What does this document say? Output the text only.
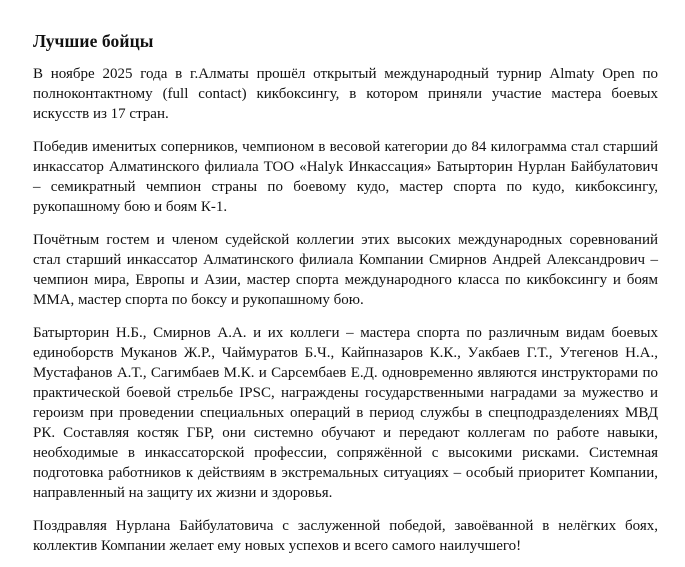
Лучшие бойцы

В ноябре 2025 года в г.Алматы прошёл открытый международный турнир Almaty Open по полноконтактному (full contact) кикбоксингу, в котором приняли участие мастера боевых искусств из 17 стран.

Победив именитых соперников, чемпионом в весовой категории до 84 килограмма стал старший инкассатор Алматинского филиала ТОО «Halyk Инкассация» Батырторин Нурлан Байбулатович – семикратный чемпион страны по боевому кудо, мастер спорта по кудо, кикбоксингу, рукопашному бою и боям К-1.

Почётным гостем и членом судейской коллегии этих высоких международных соревнований стал старший инкассатор Алматинского филиала Компании Смирнов Андрей Александрович – чемпион мира, Европы и Азии, мастер спорта международного класса по кикбоксингу и боям ММА, мастер спорта по боксу и рукопашному бою.

Батырторин Н.Б., Смирнов А.А. и их коллеги – мастера спорта по различным видам боевых единоборств Муканов Ж.Р., Чаймуратов Б.Ч., Кайпназаров К.К., Уакбаев Г.Т., Утегенов Н.А., Мустафанов А.Т., Сагимбаев М.К. и Сарсембаев Е.Д. одновременно являются инструкторами по практической боевой стрельбе IPSC, награждены государственными наградами за мужество и героизм при проведении специальных операций в период службы в спецподразделениях МВД РК. Составляя костяк ГБР, они системно обучают и передают коллегам по работе навыки, необходимые в инкассаторской профессии, сопряжённой с высокими рисками. Системная подготовка работников к действиям в экстремальных ситуациях – особый приоритет Компании, направленный на защиту их жизни и здоровья.

Поздравляя Нурлана Байбулатовича с заслуженной победой, завоёванной в нелёгких боях, коллектив Компании желает ему новых успехов и всего самого наилучшего!
